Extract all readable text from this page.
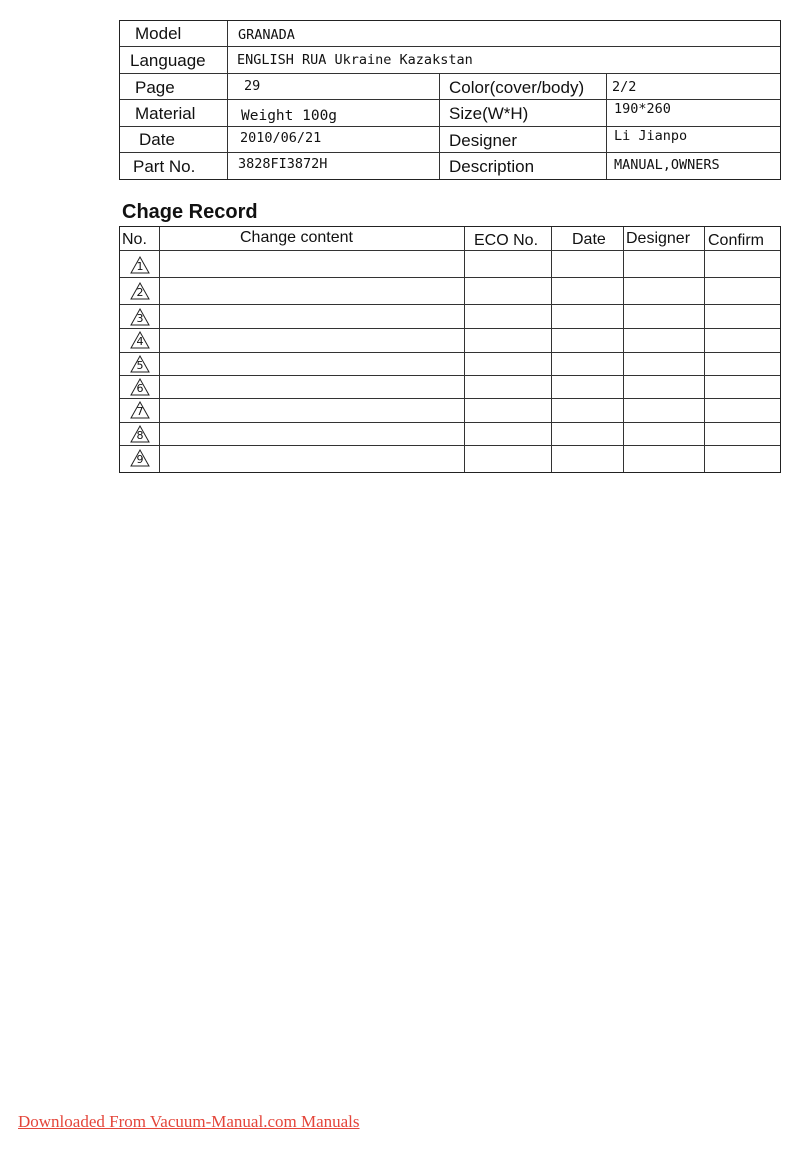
Model
Language
Page
Material
Date
Part No.
Color(cover/body)
Size(W*H)
Designer
Description
GRANADA
ENGLISH RUA Ukraine Kazakstan
29
Weight 100g
2010/06/21
3828FI3872H
2/2
190*260
Li Jianpo
MANUAL,OWNERS
Chage Record
No.	Change content	ECO No. Date Designer Confirm
1
2
3
4
5
6
7
8
9
Downloaded From Vacuum-Manual.com Manuals
